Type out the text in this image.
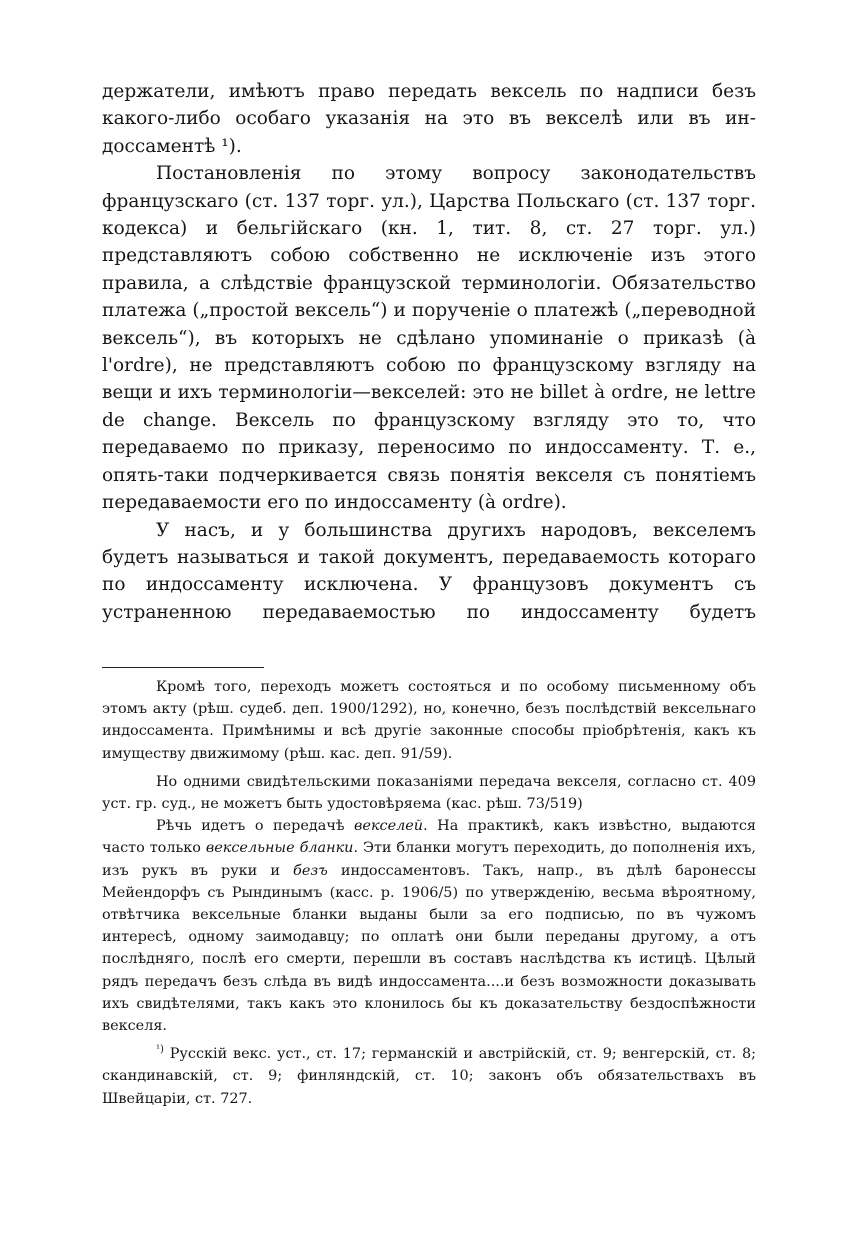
держатели, имѣютъ право передать вексель по надписи безъ

какого-либо особаго указанія на это въ векселѣ или въ ин-

доссаментѣ ¹).

Постановленія по этому вопросу законодательствъ французскаго (ст. 137 торг. ул.), Царства Польскаго (ст. 137 торг. кодекса) и бельгійскаго (кн. 1, тит. 8, ст. 27 торг. ул.) представляютъ собою собственно не исключеніе изъ этого правила, а слѣдствіе французской терминологіи. Обязательство платежа („простой вексель“) и порученіе о платежѣ („переводной вексель“), въ которыхъ не сдѣлано упоминаніе о приказѣ (à l'ordre), не представляютъ собою по французскому взгляду на вещи и ихъ терминологіи—векселей: это не billet à ordre, не lettre de change. Вексель по французскому взгляду это то, что передаваемо по приказу, переносимо по индоссаменту. Т. е., опять-таки подчеркивается связь понятія векселя съ понятіемъ передаваемости его по индоссаменту (à ordre).

У насъ, и у большинства другихъ народовъ, векселемъ будетъ называться и такой документъ, передаваемость котораго по индоссаменту исключена. У французовъ документъ съ устраненною передаваемостью по индоссаменту будетъ

Кромѣ того, переходъ можетъ состояться и по особому письменному объ этомъ акту (рѣш. судеб. деп. 1900/1292), но, конечно, безъ послѣдствій вексельнаго индоссамента. Примѣнимы и всѣ другіе законные способы пріобрѣтенія, какъ къ имуществу движимому (рѣш. кас. деп. 91/59).

Но одними свидѣтельскими показаніями передача векселя, согласно ст. 409 уст. гр. суд., не можетъ быть удостовѣряема (кас. рѣш. 73/519)

Рѣчь идетъ о передачѣ векселей. На практикѣ, какъ извѣстно, выдаются часто только вексельные бланки. Эти бланки могутъ переходить, до пополненія ихъ, изъ рукъ въ руки и безъ индоссаментовъ. Такъ, напр., въ дѣлѣ баронессы Мейендорфъ съ Рындинымъ (касс. р. 1906/5) по утвержденію, весьма вѣроятному, отвѣтчика вексельные бланки выданы были за его подписью, по въ чужомъ интересѣ, одному заимодавцу; по оплатѣ они были переданы другому, а отъ послѣдняго, послѣ его смерти, перешли въ составъ наслѣдства къ истицѣ. Цѣлый рядъ передачъ безъ слѣда въ видѣ индоссамента....и безъ возможности доказывать ихъ свидѣтелями, такъ какъ это клонилось бы къ доказательству бездоспѣжности векселя.

$^{^1)}$ Русскій векс. уст., ст. 17; германскій и австрійскій, ст. 9; венгерскій, ст. 8; скандинавскій, ст. 9; финляндскій, ст. 10; законъ объ обязательствахъ въ Швейцаріи, ст. 727.
